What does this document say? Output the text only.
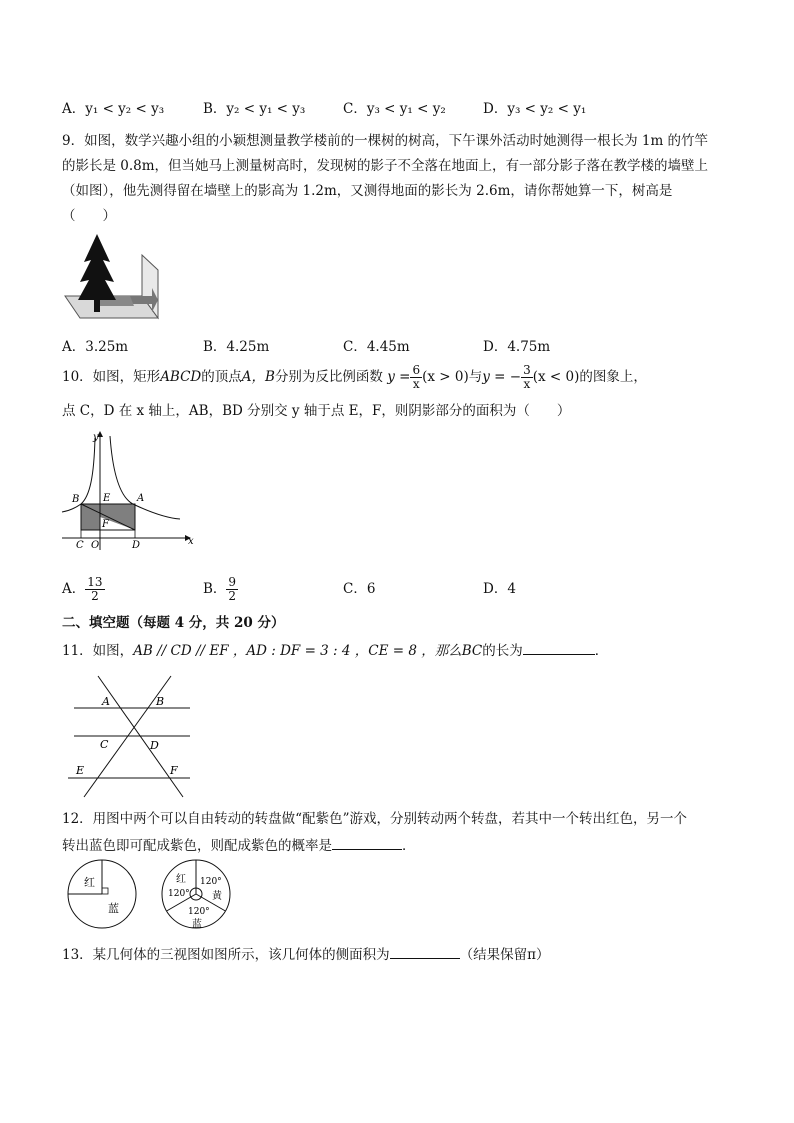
A．y₁ < y₂ < y₃	B．y₂ < y₁ < y₃	C．y₃ < y₁ < y₂	D．y₃ < y₂ < y₁
9．如图，数学兴趣小组的小颖想测量教学楼前的一棵树的树高，下午课外活动时她测得一根长为 1m 的竹竿
的影长是 0.8m，但当她马上测量树高时，发现树的影子不全落在地面上，有一部分影子落在教学楼的墙壁上
（如图），他先测得留在墙壁上的影高为 1.2m，又测得地面的影长为 2.6m，请你帮她算一下，树高是
（　　）
A．3.25m	B．4.25m	C．4.45m	D．4.75m
10．如图，矩形ABCD的顶点A，B分别为反比例函数 $y = \frac{6}{x} (x > 0)$与y = − $\frac{3}{x} (x < 0)$的图象上，
点 C，D 在 x 轴上，AB，BD 分别交 y 轴于点 E，F，则阴影部分的面积为（　　）
y
x
B E	A
F
C O	D
A． $\frac{13}{2}$	B． $\frac{9}{2}$	C．6	D．4
二、填空题（每题 4 分，共 20 分）
11．如图，AB // CD // EF ，AD : DF = 3 : 4 ，CE = 8 ，那么BC的长为	．
A	B
C	D
E	F
12．用图中两个可以自由转动的转盘做“配紫色”游戏，分别转动两个转盘，若其中一个转出红色，另一个
转出蓝色即可配成紫色，则配成紫色的概率是	．
红
蓝
红
120°
120°
黄
120°
蓝
13．某几何体的三视图如图所示，该几何体的侧面积为	（结果保留π）
